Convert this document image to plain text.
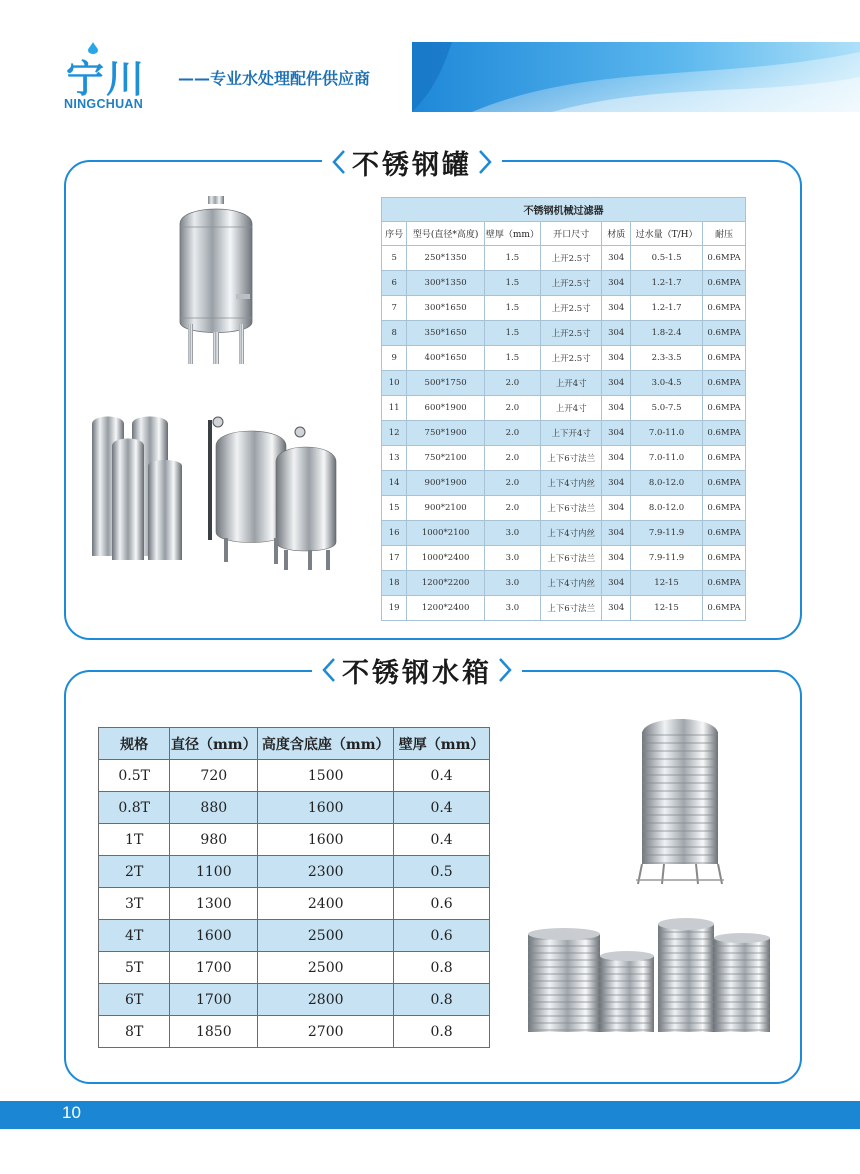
宁川
NINGCHUAN
——专业水处理配件供应商
不锈钢罐
不锈钢机械过滤器						
序号	型号(直径*高度)	壁厚（mm）	开口尺寸	材质	过水量（T/H）	耐压
5	250*1350	1.5	上开2.5寸	304	0.5-1.5	0.6MPA
6	300*1350	1.5	上开2.5寸	304	1.2-1.7	0.6MPA
7	300*1650	1.5	上开2.5寸	304	1.2-1.7	0.6MPA
8	350*1650	1.5	上开2.5寸	304	1.8-2.4	0.6MPA
9	400*1650	1.5	上开2.5寸	304	2.3-3.5	0.6MPA
10	500*1750	2.0	上开4寸	304	3.0-4.5	0.6MPA
11	600*1900	2.0	上开4寸	304	5.0-7.5	0.6MPA
12	750*1900	2.0	上下开4寸	304	7.0-11.0	0.6MPA
13	750*2100	2.0	上下6寸法兰	304	7.0-11.0	0.6MPA
14	900*1900	2.0	上下4寸内丝	304	8.0-12.0	0.6MPA
15	900*2100	2.0	上下6寸法兰	304	8.0-12.0	0.6MPA
16	1000*2100	3.0	上下4寸内丝	304	7.9-11.9	0.6MPA
17	1000*2400	3.0	上下6寸法兰	304	7.9-11.9	0.6MPA
18	1200*2200	3.0	上下4寸内丝	304	12-15	0.6MPA
19	1200*2400	3.0	上下6寸法兰	304	12-15	0.6MPA
不锈钢水箱
规格	直径（mm）	高度含底座（mm）	壁厚（mm）
0.5T	720	1500	0.4
0.8T	880	1600	0.4
1T	980	1600	0.4
2T	1100	2300	0.5
3T	1300	2400	0.6
4T	1600	2500	0.6
5T	1700	2500	0.8
6T	1700	2800	0.8
8T	1850	2700	0.8
10
